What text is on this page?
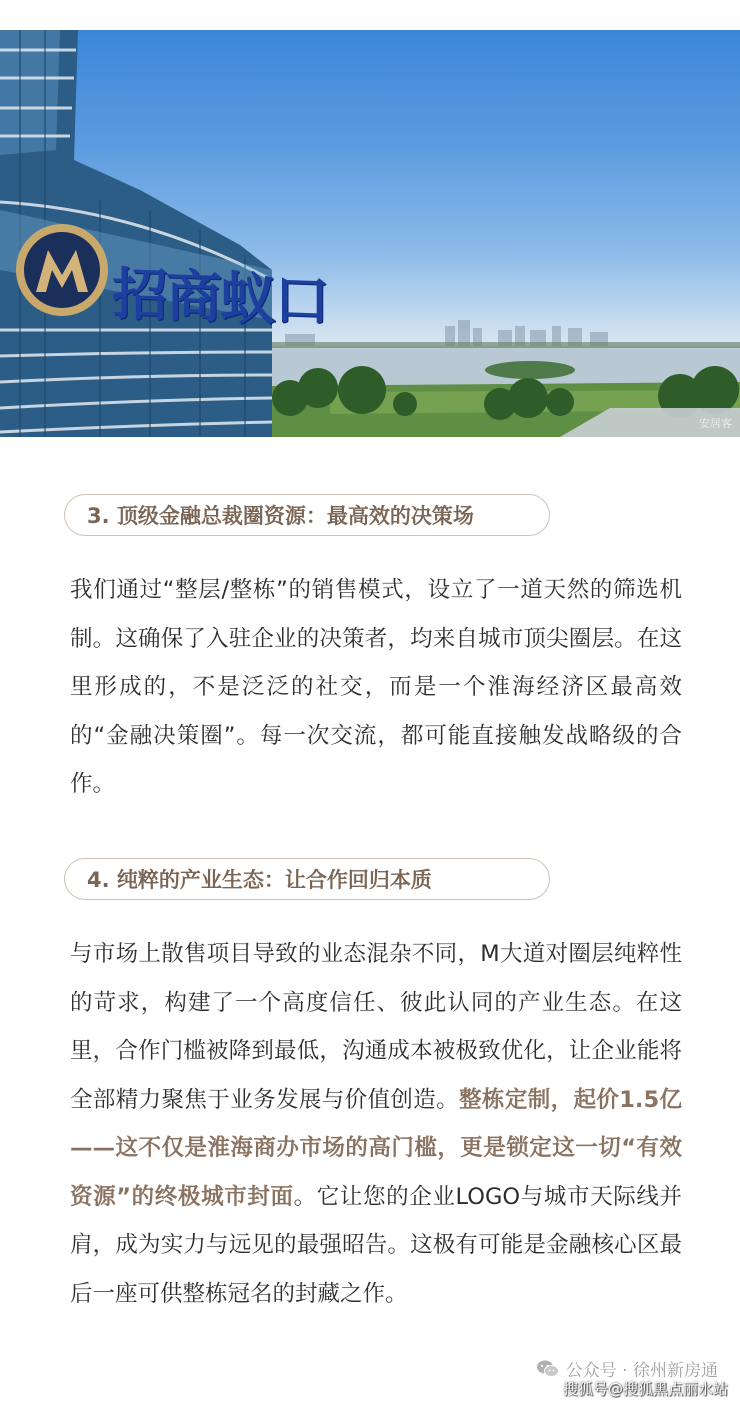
招商蚁口
安居客
3. 顶级金融总裁圈资源：最高效的决策场
我们通过“整层/整栋”的销售模式，设立了一道天然的筛选机制。这确保了入驻企业的决策者，均来自城市顶尖圈层。在这里形成的，不是泛泛的社交，而是一个淮海经济区最高效的“金融决策圈”。每一次交流，都可能直接触发战略级的合作。
4. 纯粹的产业生态：让合作回归本质
与市场上散售项目导致的业态混杂不同，M大道对圈层纯粹性的苛求，构建了一个高度信任、彼此认同的产业生态。在这里，合作门槛被降到最低，沟通成本被极致优化，让企业能将全部精力聚焦于业务发展与价值创造。整栋定制，起价1.5亿——这不仅是淮海商办市场的高门槛，更是锁定这一切“有效资源”的终极城市封面。它让您的企业LOGO与城市天际线并肩，成为实力与远见的最强昭告。这极有可能是金融核心区最后一座可供整栋冠名的封藏之作。
公众号 · 徐州新房通
搜狐号@搜狐黑点丽水站
